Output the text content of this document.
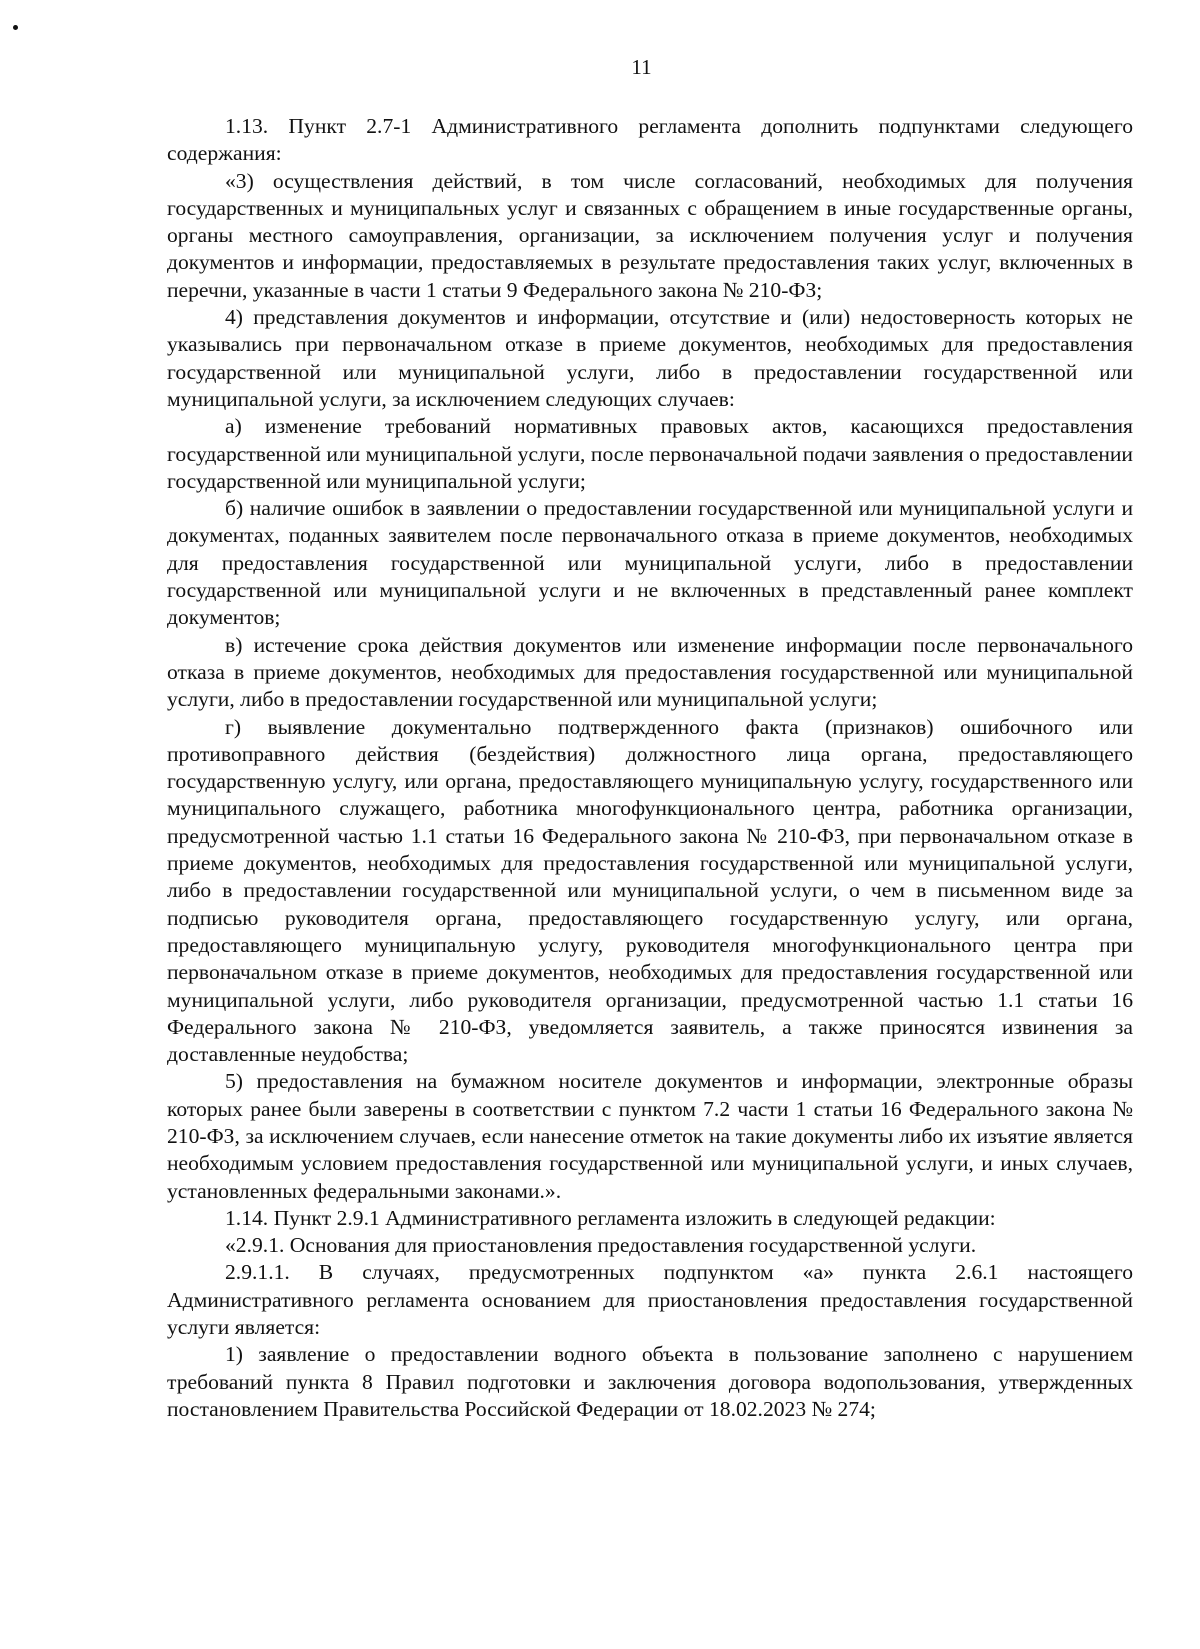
11

1.13. Пункт 2.7-1 Административного регламента дополнить подпунктами следующего содержания:

«3) осуществления действий, в том числе согласований, необходимых для получения государственных и муниципальных услуг и связанных с обращением в иные государственные органы, органы местного самоуправления, организации, за исключением получения услуг и получения документов и информации, предоставляемых в результате предоставления таких услуг, включенных в перечни, указанные в части 1 статьи 9 Федерального закона № 210-ФЗ;

4) представления документов и информации, отсутствие и (или) недостоверность которых не указывались при первоначальном отказе в приеме документов, необходимых для предоставления государственной или муниципальной услуги, либо в предоставлении государственной или муниципальной услуги, за исключением следующих случаев:

а) изменение требований нормативных правовых актов, касающихся предоставления государственной или муниципальной услуги, после первоначальной подачи заявления о предоставлении государственной или муниципальной услуги;

б) наличие ошибок в заявлении о предоставлении государственной или муниципальной услуги и документах, поданных заявителем после первоначального отказа в приеме документов, необходимых для предоставления государственной или муниципальной услуги, либо в предоставлении государственной или муниципальной услуги и не включенных в представленный ранее комплект документов;

в) истечение срока действия документов или изменение информации после первоначального отказа в приеме документов, необходимых для предоставления государственной или муниципальной услуги, либо в предоставлении государственной или муниципальной услуги;

г) выявление документально подтвержденного факта (признаков) ошибочного или противоправного действия (бездействия) должностного лица органа, предоставляющего государственную услугу, или органа, предоставляющего муниципальную услугу, государственного или муниципального служащего, работника многофункционального центра, работника организации, предусмотренной частью 1.1 статьи 16 Федерального закона № 210-ФЗ, при первоначальном отказе в приеме документов, необходимых для предоставления государственной или муниципальной услуги, либо в предоставлении государственной или муниципальной услуги, о чем в письменном виде за подписью руководителя органа, предоставляющего государственную услугу, или органа, предоставляющего муниципальную услугу, руководителя многофункционального центра при первоначальном отказе в приеме документов, необходимых для предоставления государственной или муниципальной услуги, либо руководителя организации, предусмотренной частью 1.1 статьи 16 Федерального закона № 210-ФЗ, уведомляется заявитель, а также приносятся извинения за доставленные неудобства;

5) предоставления на бумажном носителе документов и информации, электронные образы которых ранее были заверены в соответствии с пунктом 7.2 части 1 статьи 16 Федерального закона № 210-ФЗ, за исключением случаев, если нанесение отметок на такие документы либо их изъятие является необходимым условием предоставления государственной или муниципальной услуги, и иных случаев, установленных федеральными законами.».

1.14. Пункт 2.9.1 Административного регламента изложить в следующей редакции:

«2.9.1. Основания для приостановления предоставления государственной услуги.

2.9.1.1. В случаях, предусмотренных подпунктом «а» пункта 2.6.1 настоящего Административного регламента основанием для приостановления предоставления государственной услуги является:

1) заявление о предоставлении водного объекта в пользование заполнено с нарушением требований пункта 8 Правил подготовки и заключения договора водопользования, утвержденных постановлением Правительства Российской Федерации от 18.02.2023 № 274;
